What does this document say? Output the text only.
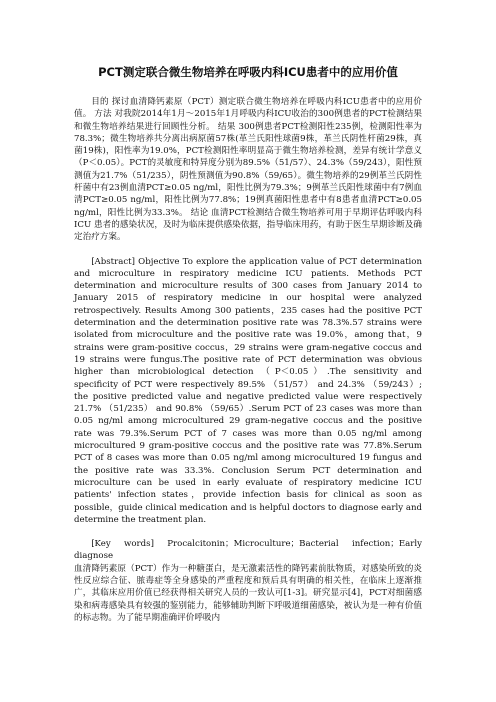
PCT测定联合微生物培养在呼吸内科ICU患者中的应用价值

目的 探讨血清降钙素原（PCT）测定联合微生物培养在呼吸内科ICU患者中的应用价值。 方法 对我院2014年1月～2015年1月呼吸内科ICU收治的300例患者的PCT检测结果和微生物培养结果进行回顾性分析。 结果 300例患者PCT检测阳性235例，检测阳性率为78.3%；微生物培养共分离出病原菌57株(革兰氏阳性球菌9株，革兰氏阴性杆菌29株，真菌19株)，阳性率为19.0%，PCT检测阳性率明显高于微生物培养检测，差异有统计学意义（P＜0.05）。PCT的灵敏度和特异度分别为89.5%（51/57）、24.3%（59/243），阳性预测值为21.7%（51/235），阴性预测值为90.8%（59/65）。微生物培养的29例革兰氏阴性杆菌中有23例血清PCT≥0.05 ng/ml，阳性比例为79.3%；9例革兰氏阳性球菌中有7例血清PCT≥0.05 ng/ml，阳性比例为77.8%；19例真菌阳性患者中有8患者血清PCT≥0.05 ng/ml，阳性比例为33.3%。 结论 血清PCT检测结合微生物培养可用于早期评估呼吸内科 ICU 患者的感染状况，及时为临床提供感染依据，指导临床用药，有助于医生早期诊断及确定治疗方案。

[Abstract] Objective To explore the application value of PCT determination and microculture in respiratory medicine ICU patients. Methods PCT determination and microculture results of 300 cases from January 2014 to January 2015 of respiratory medicine in our hospital were analyzed retrospectively. Results Among 300 patients，235 cases had the positive PCT determination and the determination positive rate was 78.3%.57 strains were isolated from microculture and the positive rate was 19.0%，among that，9 strains were gram-positive coccus，29 strains were gram-negative coccus and 19 strains were fungus.The positive rate of PCT determination was obvious higher than microbiological detection （P＜0.05）.The sensitivity and specificity of PCT were respectively 89.5% （51/57） and 24.3% （59/243）; the positive predicted value and negative predicted value were respectively 21.7% （51/235） and 90.8% （59/65）.Serum PCT of 23 cases was more than 0.05 ng/ml among microcultured 29 gram-negative coccus and the positive rate was 79.3%.Serum PCT of 7 cases was more than 0.05 ng/ml among microcultured 9 gram-positive coccus and the positive rate was 77.8%.Serum PCT of 8 cases was more than 0.05 ng/ml among microcultured 19 fungus and the positive rate was 33.3%. Conclusion Serum PCT determination and microculture can be used in early evaluate of respiratory medicine ICU patients' infection states，provide infection basis for clinical as soon as possible，guide clinical medication and is helpful doctors to diagnose early and determine the treatment plan.

[Key words] Procalcitonin；Microculture；Bacterial infection；Early diagnose

血清降钙素原（PCT）作为一种糖蛋白，是无激素活性的降钙素前肽物质，对感染所致的炎性反应综合征、脓毒症等全身感染的严重程度和预后具有明确的相关性，在临床上逐渐推广，其临床应用价值已经获得相关研究人员的一致认可[1-3]。研究显示[4]，PCT对细菌感染和病毒感染具有较强的鉴别能力，能够辅助判断下呼吸道细菌感染，被认为是一种有价值的标志物。为了能早期准确评价呼吸内
